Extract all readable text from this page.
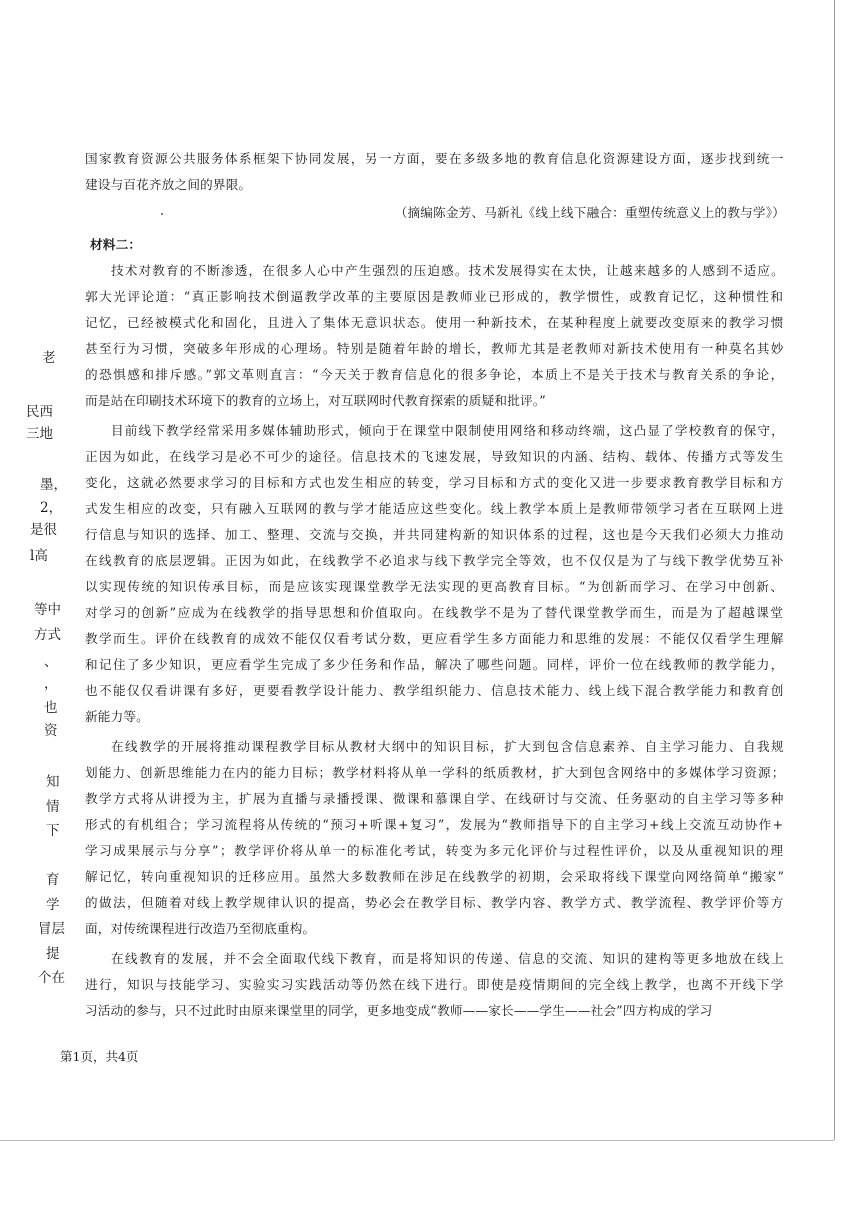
老
民西
三地
墨，
2，
是很
l高
等中
方式
、
，
也
资
知
情
下
育
学
冒层
提
个在
国家教育资源公共服务体系框架下协同发展，另一方面，要在多级多地的教育信息化资源建设方面，逐步找到统一
建设与百花齐放之间的界限。
（摘编陈金芳、马新礼《线上线下融合：重塑传统意义上的教与学》）
材料二：
技术对教育的不断渗透，在很多人心中产生强烈的压迫感。技术发展得实在太快，让越来越多的人感到不适应。
郭大光评论道：“真正影响技术倒逼教学改革的主要原因是教师业已形成的，教学惯性，或教育记忆，这种惯性和
记忆，已经被模式化和固化，且进入了集体无意识状态。使用一种新技术，在某种程度上就要改变原来的教学习惯
甚至行为习惯，突破多年形成的心理场。特别是随着年龄的增长，教师尤其是老教师对新技术使用有一种莫名其妙
的恐惧感和排斥感。”郭文革则直言：“今天关于教育信息化的很多争论，本质上不是关于技术与教育关系的争论，
而是站在印刷技术环境下的教育的立场上，对互联网时代教育探索的质疑和批评。”
目前线下教学经常采用多媒体辅助形式，倾向于在课堂中限制使用网络和移动终端，这凸显了学校教育的保守，
正因为如此，在线学习是必不可少的途径。信息技术的飞速发展，导致知识的内涵、结构、载体、传播方式等发生
变化，这就必然要求学习的目标和方式也发生相应的转变，学习目标和方式的变化又进一步要求教育教学目标和方
式发生相应的改变，只有融入互联网的教与学才能适应这些变化。线上教学本质上是教师带领学习者在互联网上进
行信息与知识的选择、加工、整理、交流与交换，并共同建构新的知识体系的过程，这也是今天我们必须大力推动
在线教育的底层逻辑。正因为如此，在线教学不必追求与线下教学完全等效，也不仅仅是为了与线下教学优势互补
以实现传统的知识传承目标，而是应该实现课堂教学无法实现的更高教育目标。“为创新而学习、在学习中创新、
对学习的创新”应成为在线教学的指导思想和价值取向。在线教学不是为了替代课堂教学而生，而是为了超越课堂
教学而生。评价在线教育的成效不能仅仅看考试分数，更应看学生多方面能力和思维的发展：不能仅仅看学生理解
和记住了多少知识，更应看学生完成了多少任务和作品，解决了哪些问题。同样，评价一位在线教师的教学能力，
也不能仅仅看讲课有多好，更要看教学设计能力、教学组织能力、信息技术能力、线上线下混合教学能力和教育创
新能力等。
在线教学的开展将推动课程教学目标从教材大纲中的知识目标，扩大到包含信息素养、自主学习能力、自我规
划能力、创新思维能力在内的能力目标；教学材料将从单一学科的纸质教材，扩大到包含网络中的多媒体学习资源；
教学方式将从讲授为主，扩展为直播与录播授课、微课和慕课自学、在线研讨与交流、任务驱动的自主学习等多种
形式的有机组合；学习流程将从传统的“预习+听课+复习”，发展为“教师指导下的自主学习+线上交流互动协作+
学习成果展示与分享”；教学评价将从单一的标准化考试，转变为多元化评价与过程性评价，以及从重视知识的理
解记忆，转向重视知识的迁移应用。虽然大多数教师在涉足在线教学的初期，会采取将线下课堂向网络简单“搬家”
的做法，但随着对线上教学规律认识的提高，势必会在教学目标、教学内容、教学方式、教学流程、教学评价等方
面，对传统课程进行改造乃至彻底重构。
在线教育的发展，并不会全面取代线下教育，而是将知识的传递、信息的交流、知识的建构等更多地放在线上
进行，知识与技能学习、实验实习实践活动等仍然在线下进行。即使是疫情期间的完全线上教学，也离不开线下学
习活动的参与，只不过此时由原来课堂里的同学，更多地变成“教师——家长——学生——社会”四方构成的学习
第1页，共4页
